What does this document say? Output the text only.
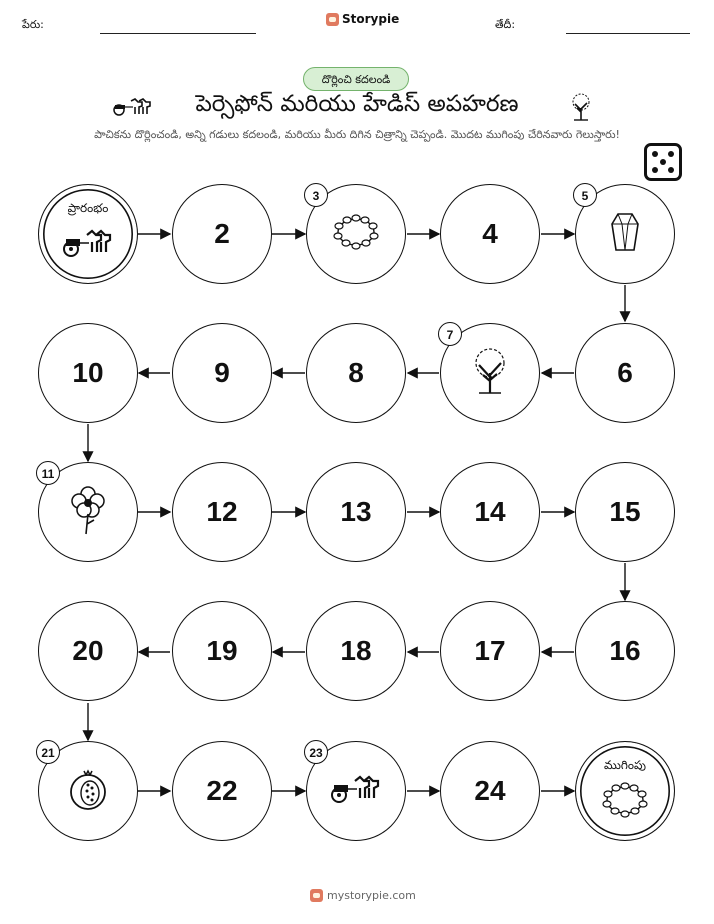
పేరు:	Storypie	తేదీ:
దొర్లించి కదలండి
పెర్సెఫోన్ మరియు హేడిస్ అపహరణ
పాచికను దొర్లించండి, అన్ని గడులు కదలండి, మరియు మీరు దిగిన చిత్రాన్ని చెప్పండి. మొదట ముగింపు చేరినవారు గెలుస్తారు!
ప్రారంభం
2
3
4
5
6
7
8
9
10
11
12	13	14	15
16
17
18
19
20
21
22
23
24
ముగింపు
mystorypie.com
